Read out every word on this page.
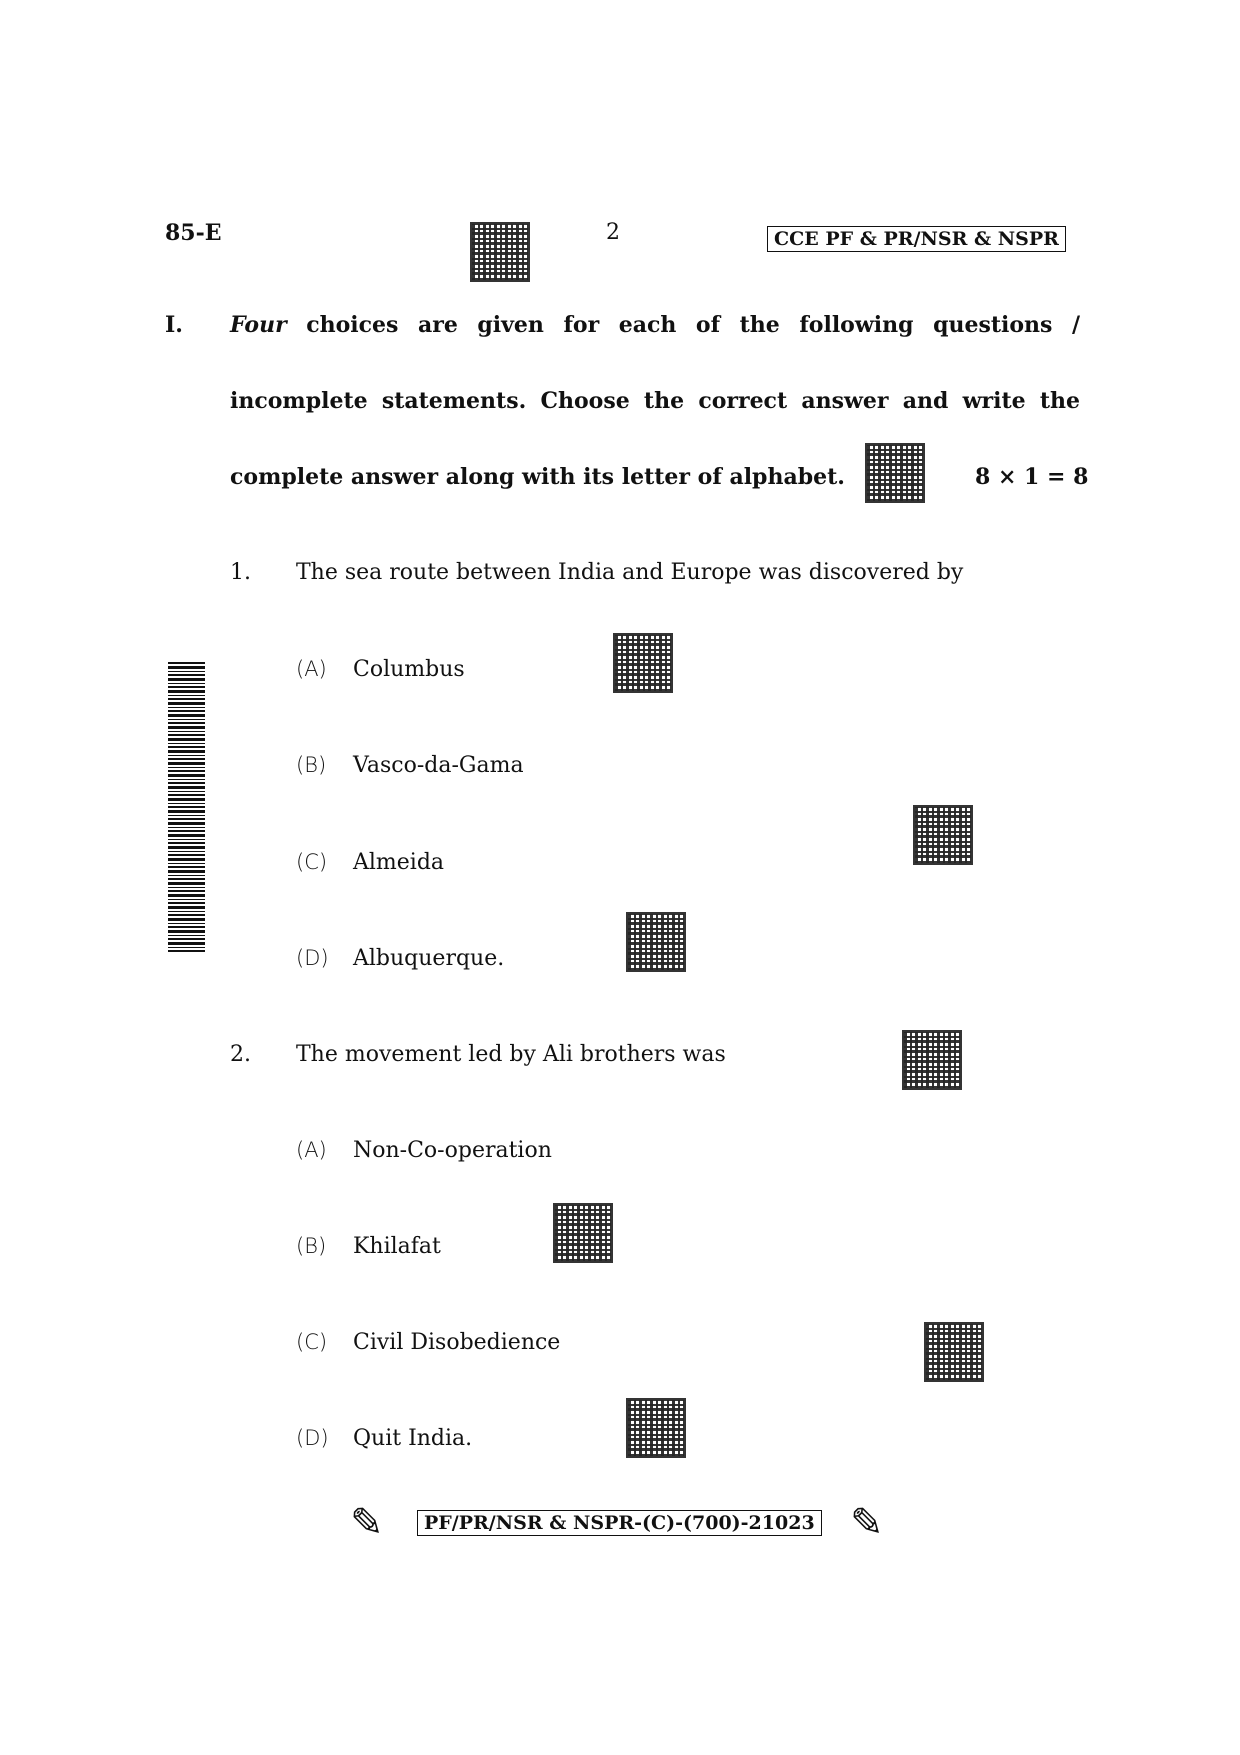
85-E	2	CCE PF & PR/NSR & NSPR
I. Four choices are given for each of the following questions /
incomplete statements. Choose the correct answer and write the
complete answer along with its letter of alphabet.	8 × 1 = 8
1. The sea route between India and Europe was discovered by
(A) Columbus
(B) Vasco-da-Gama
(C) Almeida
(D) Albuquerque.
2. The movement led by Ali brothers was
(A) Non-Co-operation
(B) Khilafat
(C) Civil Disobedience
(D) Quit India.
✎	PF/PR/NSR & NSPR-(C)-(700)-21023 ✎
